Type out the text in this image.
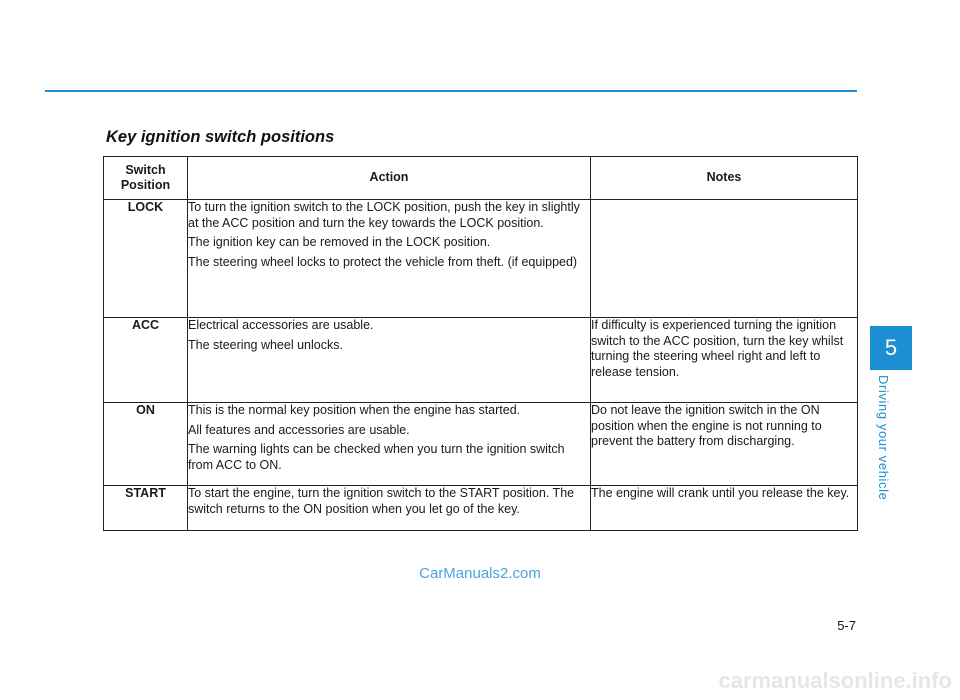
Key ignition switch positions
Switch
Position	Action	Notes
LOCK	To turn the ignition switch to the LOCK position, push the key in slightly at the ACC position and turn the key towards the LOCK position.

The ignition key can be removed in the LOCK position.

The steering wheel locks to protect the vehicle from theft. (if equipped)	

ACC	Electrical accessories are usable.

The steering wheel unlocks.	If difficulty is experienced turning the ignition switch to the ACC position, turn the key whilst turning the steering wheel right and left to release tension.

ON	This is the normal key position when the engine has started.

All features and accessories are usable.

The warning lights can be checked when you turn the ignition switch from ACC to ON.	Do not leave the ignition switch in the ON position when the engine is not running to prevent the battery from discharging.

START	To start the engine, turn the ignition switch to the START position. The switch returns to the ON position when you let go of the key.	The engine will crank until you release the key.

5
Driving your vehicle
CarManuals2.com
5-7
carmanualsonline.info
